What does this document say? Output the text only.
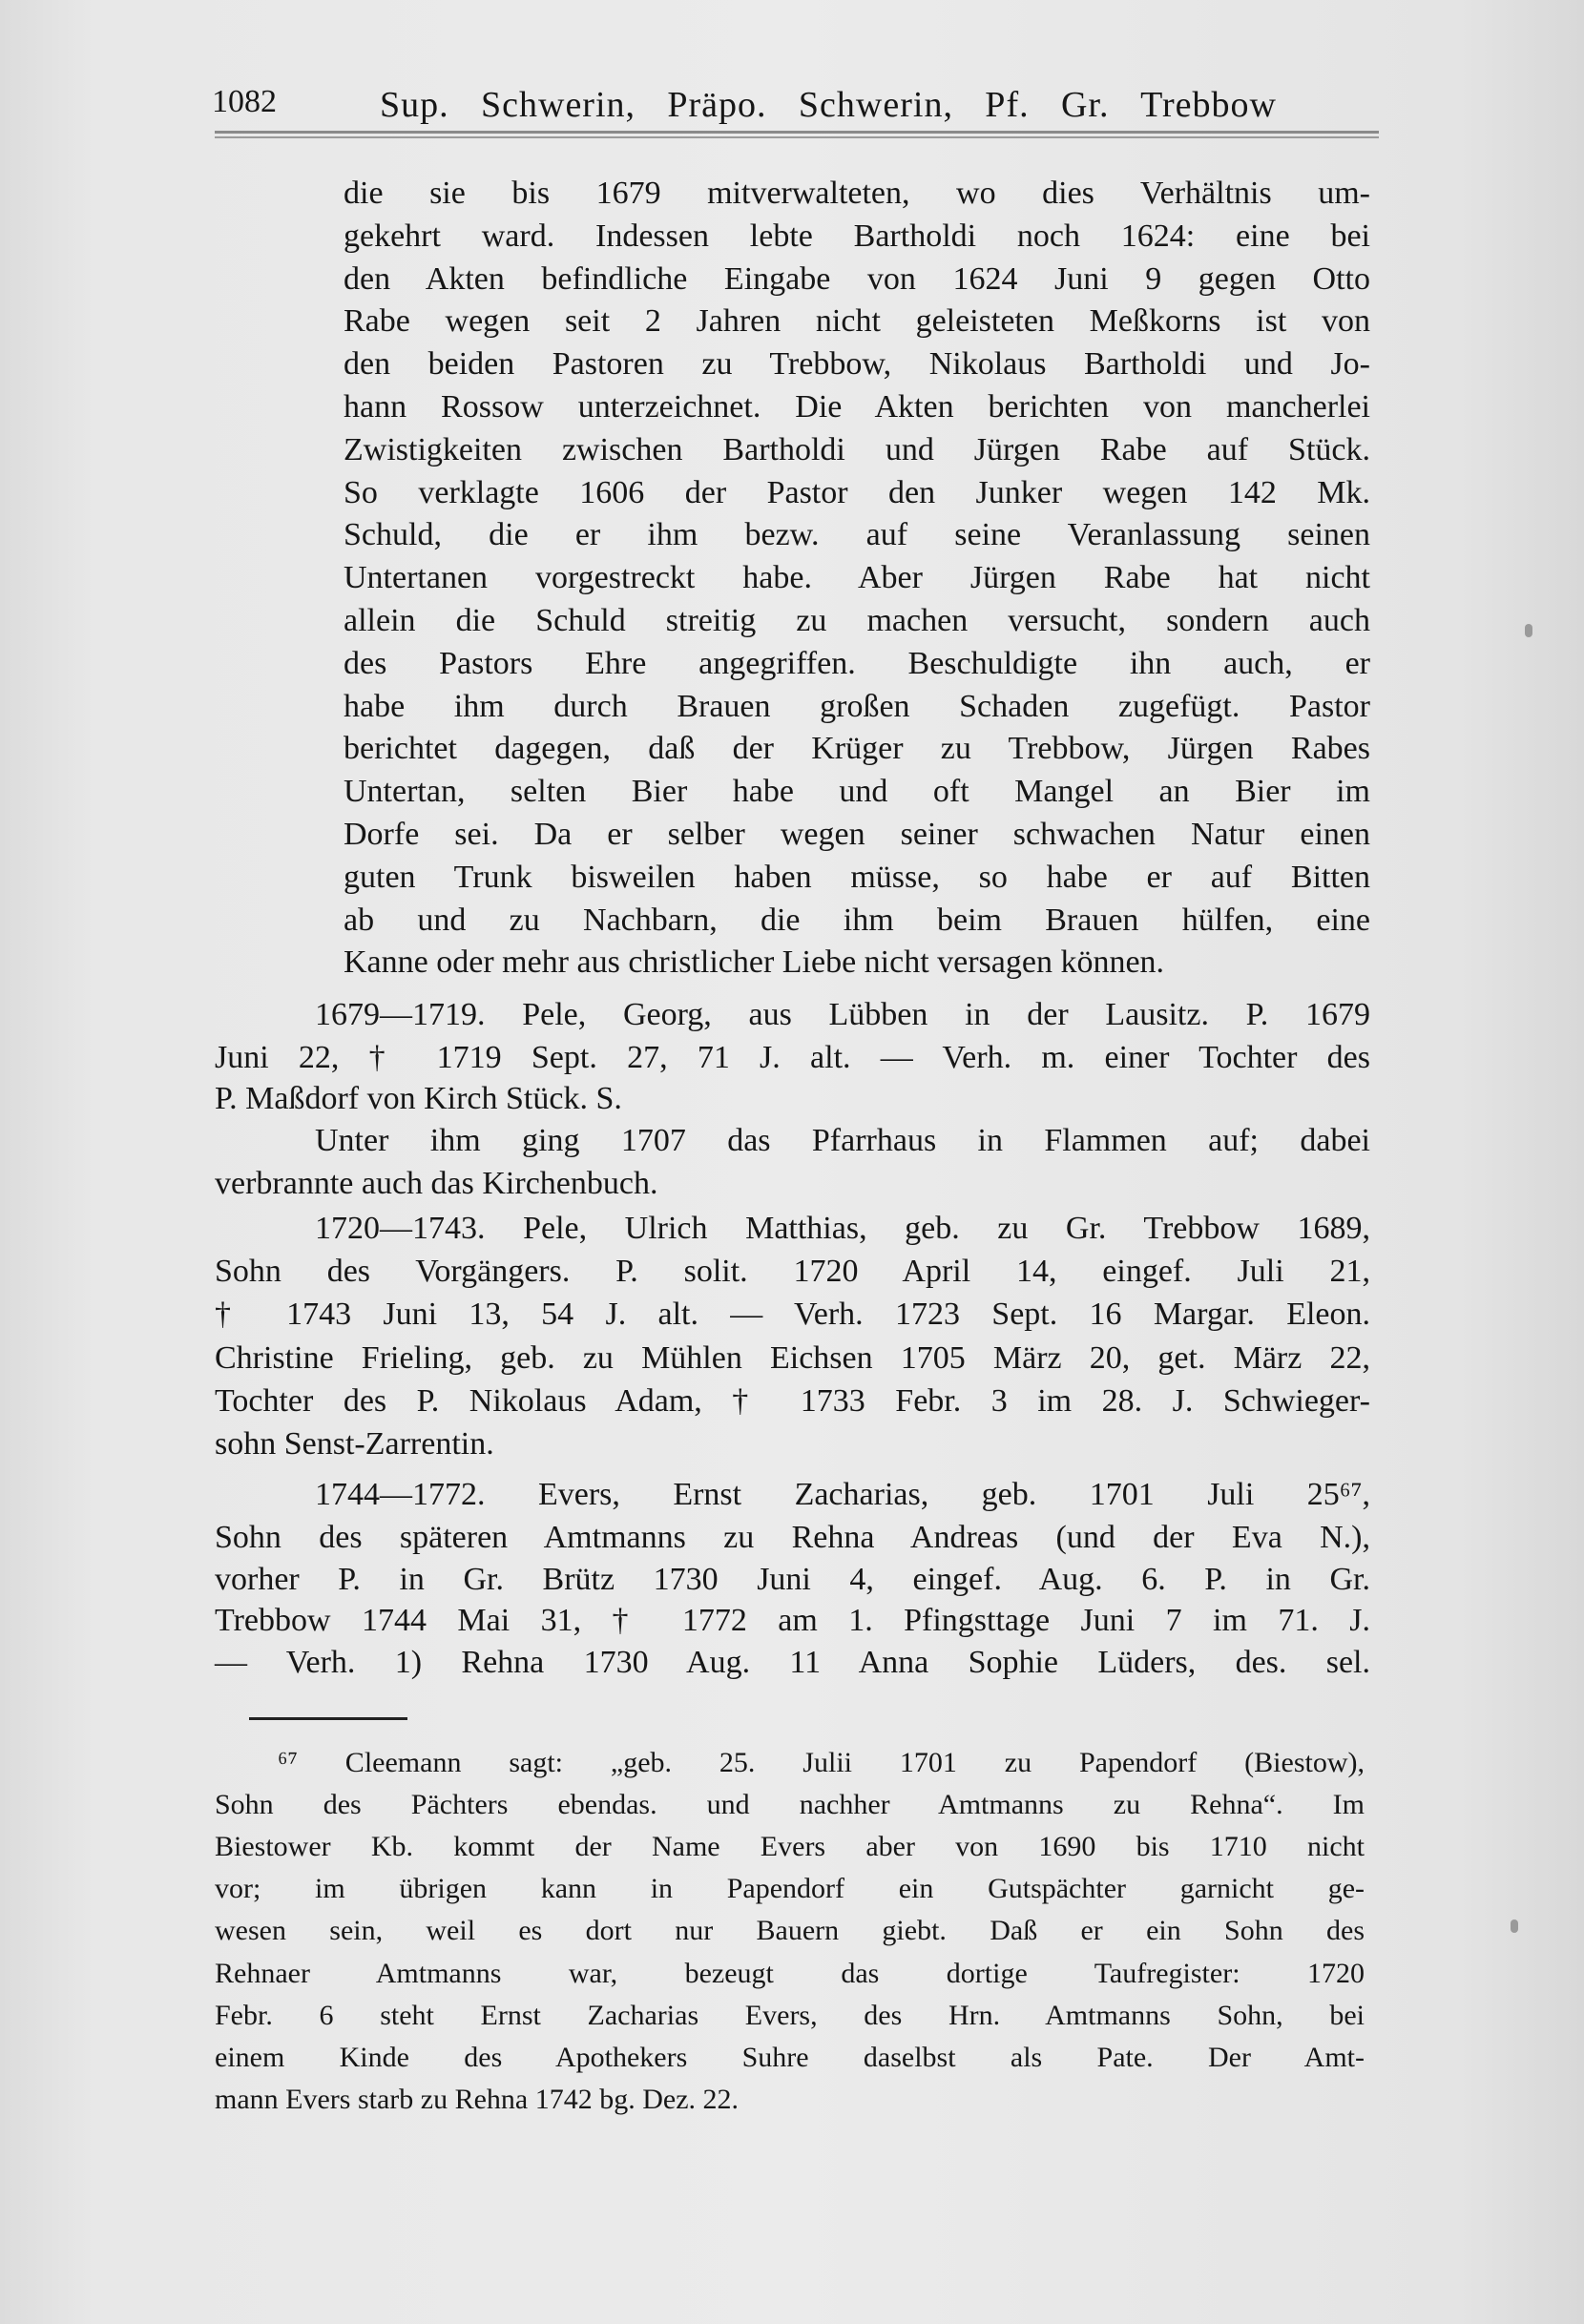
1082	Sup. Schwerin, Präpo. Schwerin, Pf. Gr. Trebbow
die sie bis 1679 mitverwalteten, wo dies Verhältnis um-
gekehrt ward. Indessen lebte Bartholdi noch 1624: eine bei
den Akten befindliche Eingabe von 1624 Juni 9 gegen Otto
Rabe wegen seit 2 Jahren nicht geleisteten Meßkorns ist von
den beiden Pastoren zu Trebbow, Nikolaus Bartholdi und Jo-
hann Rossow unterzeichnet. Die Akten berichten von mancherlei
Zwistigkeiten zwischen Bartholdi und Jürgen Rabe auf Stück.
So verklagte 1606 der Pastor den Junker wegen 142 Mk.
Schuld, die er ihm bezw. auf seine Veranlassung seinen
Untertanen vorgestreckt habe. Aber Jürgen Rabe hat nicht
allein die Schuld streitig zu machen versucht, sondern auch
des Pastors Ehre angegriffen. Beschuldigte ihn auch, er
habe ihm durch Brauen großen Schaden zugefügt. Pastor
berichtet dagegen, daß der Krüger zu Trebbow, Jürgen Rabes
Untertan, selten Bier habe und oft Mangel an Bier im
Dorfe sei. Da er selber wegen seiner schwachen Natur einen
guten Trunk bisweilen haben müsse, so habe er auf Bitten
ab und zu Nachbarn, die ihm beim Brauen hülfen, eine
Kanne oder mehr aus christlicher Liebe nicht versagen können.
1679—1719. Pele, Georg, aus Lübben in der Lausitz. P. 1679
Juni 22, † 1719 Sept. 27, 71 J. alt. — Verh. m. einer Tochter des
P. Maßdorf von Kirch Stück. S.
Unter ihm ging 1707 das Pfarrhaus in Flammen auf; dabei
verbrannte auch das Kirchenbuch.
1720—1743. Pele, Ulrich Matthias, geb. zu Gr. Trebbow 1689,
Sohn des Vorgängers. P. solit. 1720 April 14, eingef. Juli 21,
† 1743 Juni 13, 54 J. alt. — Verh. 1723 Sept. 16 Margar. Eleon.
Christine Frieling, geb. zu Mühlen Eichsen 1705 März 20, get. März 22,
Tochter des P. Nikolaus Adam, † 1733 Febr. 3 im 28. J. Schwieger-
sohn Senst-Zarrentin.
1744—1772. Evers, Ernst Zacharias, geb. 1701 Juli 25⁶⁷,
Sohn des späteren Amtmanns zu Rehna Andreas (und der Eva N.),
vorher P. in Gr. Brütz 1730 Juni 4, eingef. Aug. 6. P. in Gr.
Trebbow 1744 Mai 31, † 1772 am 1. Pfingsttage Juni 7 im 71. J.
— Verh. 1) Rehna 1730 Aug. 11 Anna Sophie Lüders, des. sel.
⁶⁷ Cleemann sagt: „geb. 25. Julii 1701 zu Papendorf (Biestow),
Sohn des Pächters ebendas. und nachher Amtmanns zu Rehna“. Im
Biestower Kb. kommt der Name Evers aber von 1690 bis 1710 nicht
vor; im übrigen kann in Papendorf ein Gutspächter garnicht ge-
wesen sein, weil es dort nur Bauern giebt. Daß er ein Sohn des
Rehnaer Amtmanns war, bezeugt das dortige Taufregister: 1720
Febr. 6 steht Ernst Zacharias Evers, des Hrn. Amtmanns Sohn, bei
einem Kinde des Apothekers Suhre daselbst als Pate. Der Amt-
mann Evers starb zu Rehna 1742 bg. Dez. 22.
